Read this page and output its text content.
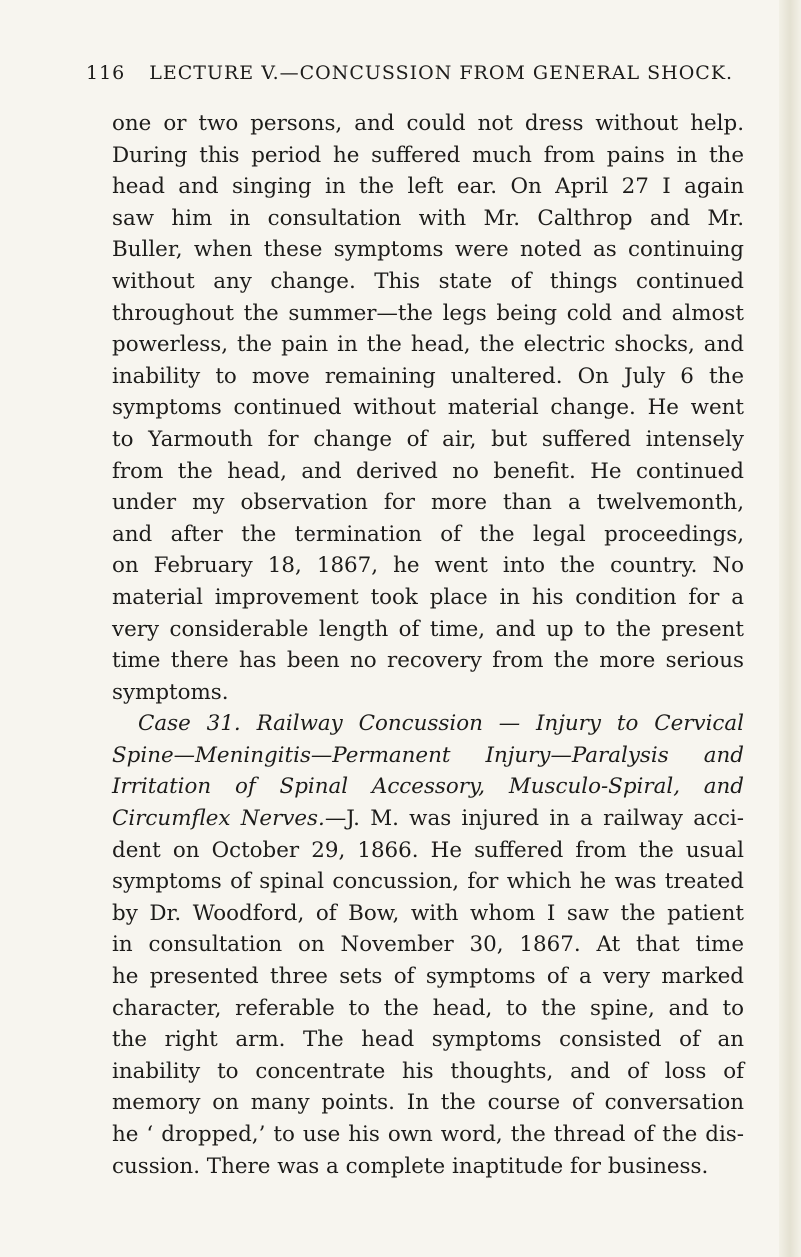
116 LECTURE V.—CONCUSSION FROM GENERAL SHOCK.
one or two persons, and could not dress without help.
During this period he suffered much from pains in the
head and singing in the left ear. On April 27 I again
saw him in consultation with Mr. Calthrop and Mr.
Buller, when these symptoms were noted as continuing
without any change. This state of things continued
throughout the summer—the legs being cold and almost
powerless, the pain in the head, the electric shocks, and
inability to move remaining unaltered. On July 6 the
symptoms continued without material change. He went
to Yarmouth for change of air, but suffered intensely
from the head, and derived no benefit. He continued
under my observation for more than a twelvemonth,
and after the termination of the legal proceedings,
on February 18, 1867, he went into the country. No
material improvement took place in his condition for a
very considerable length of time, and up to the present
time there has been no recovery from the more serious
symptoms.
Case 31. Railway Concussion — Injury to Cervical
Spine—Meningitis—Permanent Injury—Paralysis and
Irritation of Spinal Accessory, Musculo-Spiral, and
Circumflex Nerves.—J. M. was injured in a railway acci-
dent on October 29, 1866. He suffered from the usual
symptoms of spinal concussion, for which he was treated
by Dr. Woodford, of Bow, with whom I saw the patient
in consultation on November 30, 1867. At that time
he presented three sets of symptoms of a very marked
character, referable to the head, to the spine, and to
the right arm. The head symptoms consisted of an
inability to concentrate his thoughts, and of loss of
memory on many points. In the course of conversation
he ‘ dropped,’ to use his own word, the thread of the dis-
cussion. There was a complete inaptitude for business.
